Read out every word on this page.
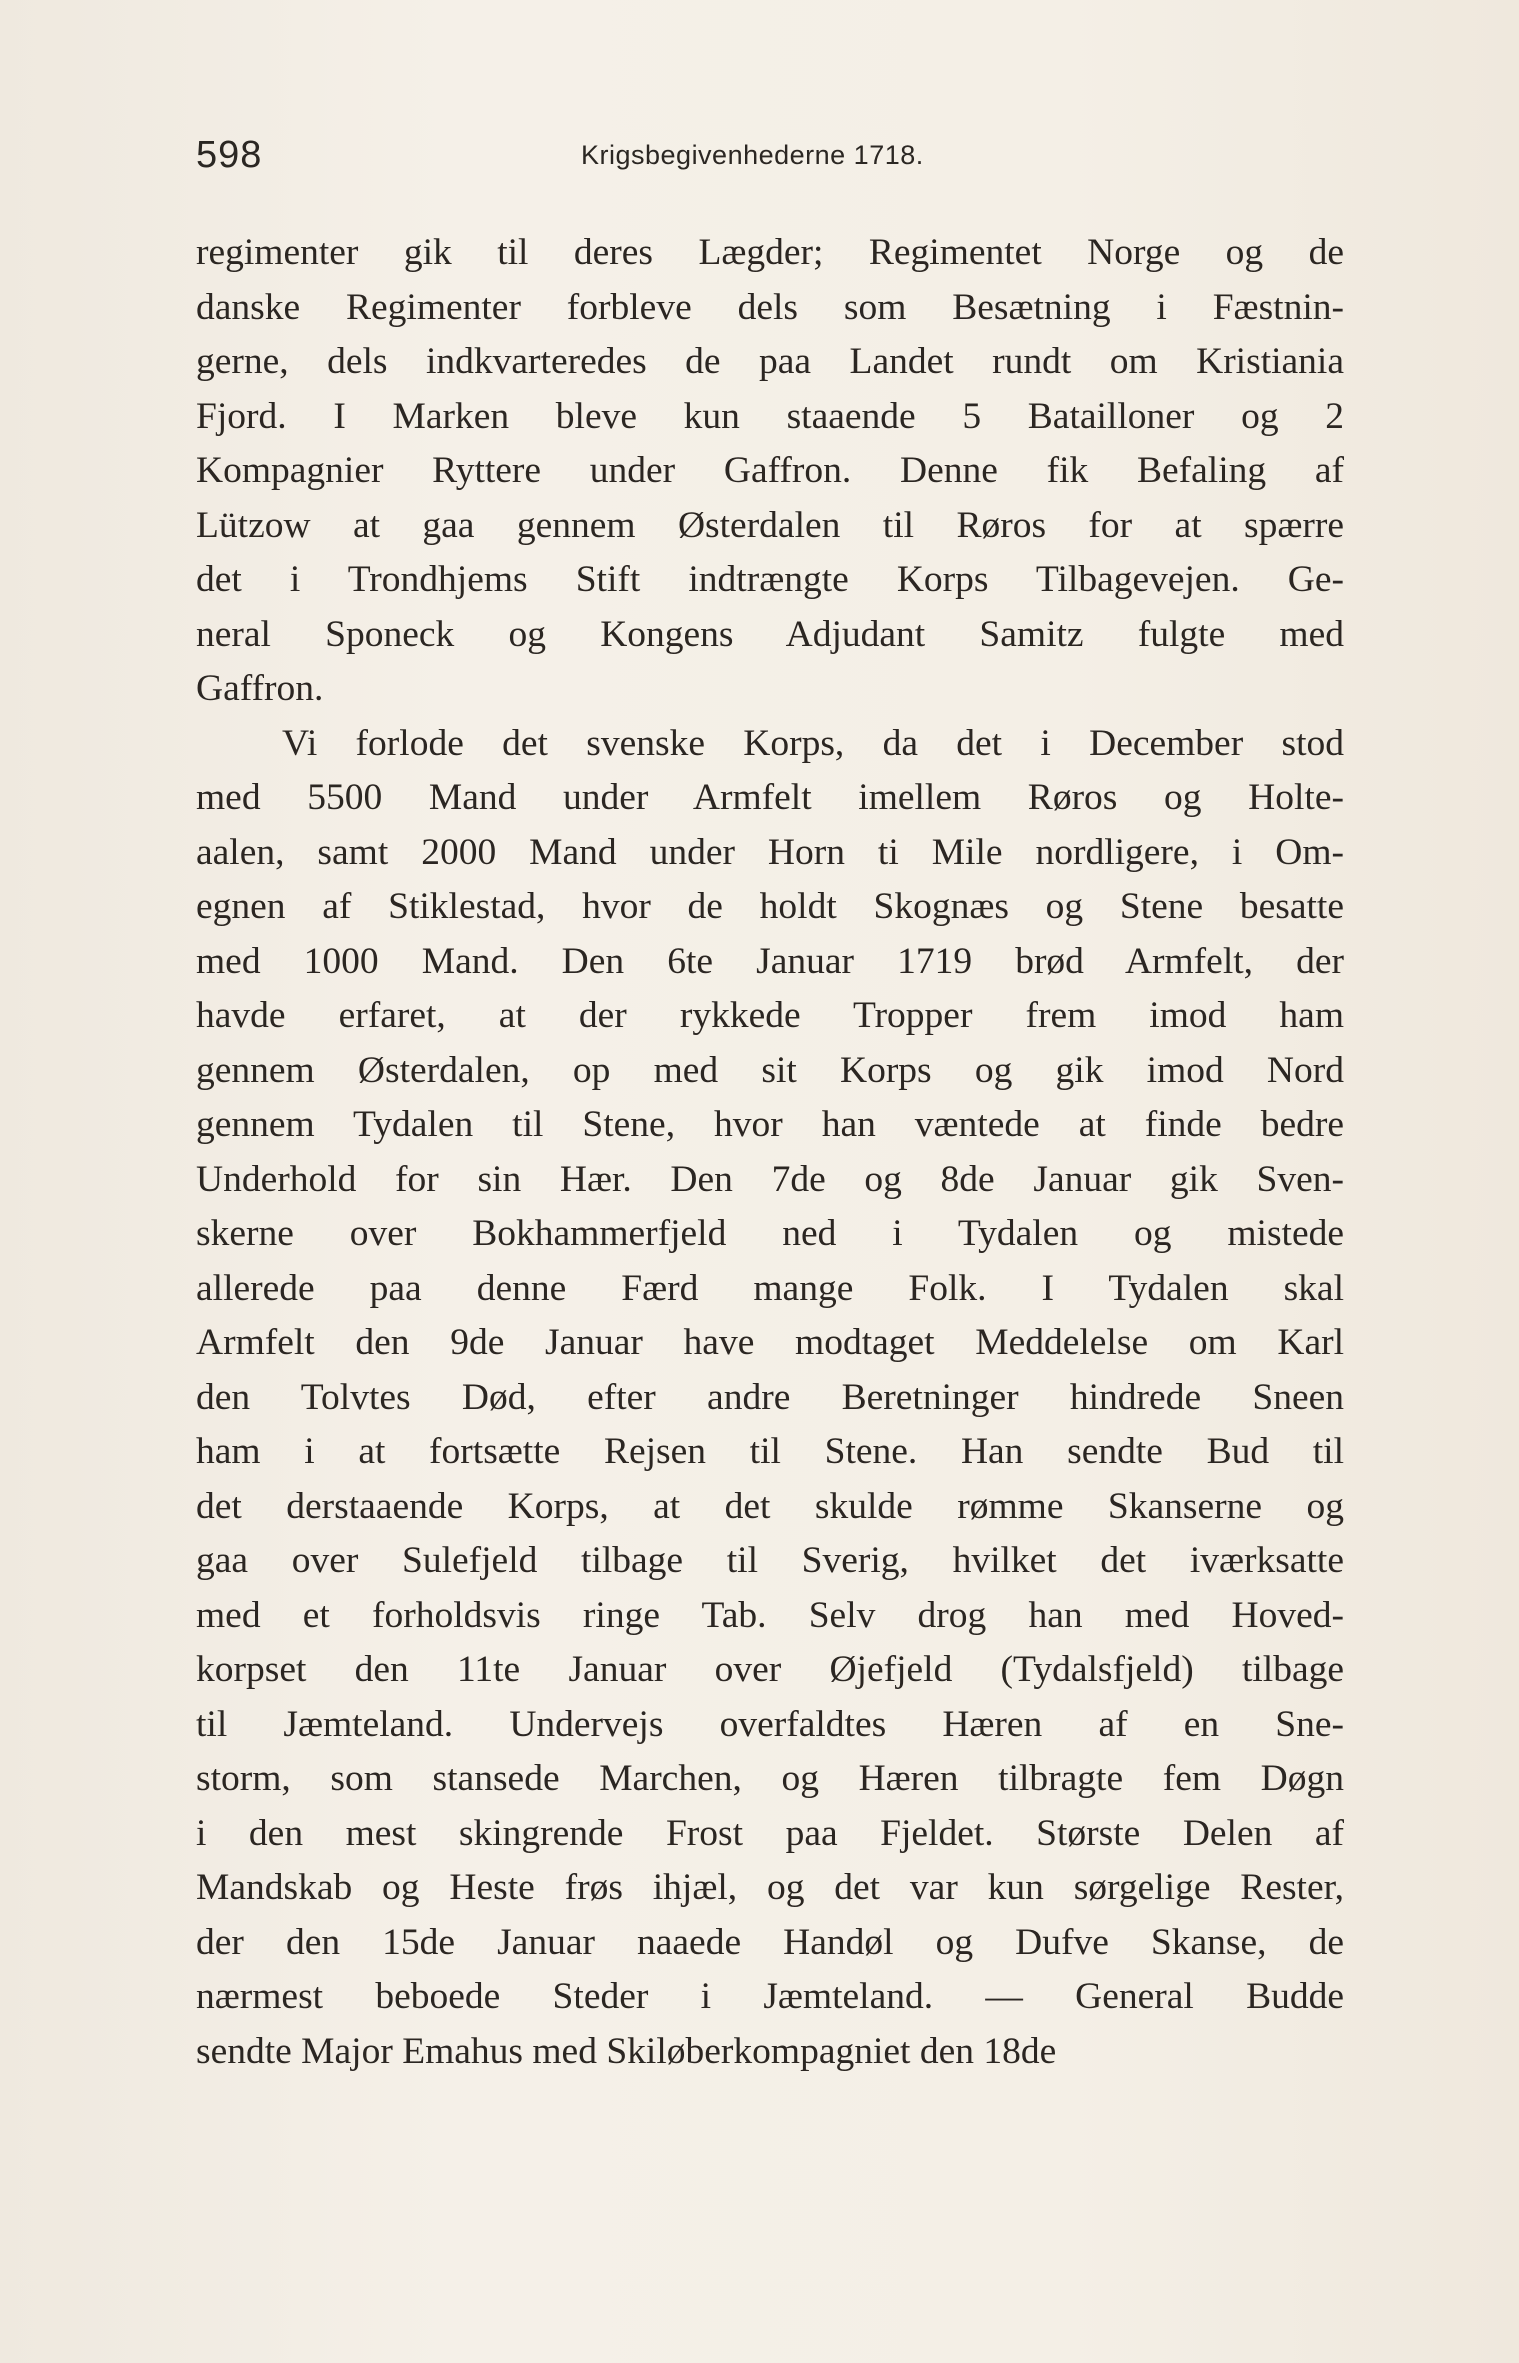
598	Krigsbegivenhederne 1718.
regimenter gik til deres Lægder; Regimentet Norge og de
danske Regimenter forbleve dels som Besætning i Fæstnin-
gerne, dels indkvarteredes de paa Landet rundt om Kristiania
Fjord. I Marken bleve kun staaende 5 Batailloner og 2
Kompagnier Ryttere under Gaffron. Denne fik Befaling af
Lützow at gaa gennem Østerdalen til Røros for at spærre
det i Trondhjems Stift indtrængte Korps Tilbagevejen. Ge-
neral Sponeck og Kongens Adjudant Samitz fulgte med
Gaffron.
Vi forlode det svenske Korps, da det i December stod
med 5500 Mand under Armfelt imellem Røros og Holte-
aalen, samt 2000 Mand under Horn ti Mile nordligere, i Om-
egnen af Stiklestad, hvor de holdt Skognæs og Stene besatte
med 1000 Mand. Den 6te Januar 1719 brød Armfelt, der
havde erfaret, at der rykkede Tropper frem imod ham
gennem Østerdalen, op med sit Korps og gik imod Nord
gennem Tydalen til Stene, hvor han væntede at finde bedre
Underhold for sin Hær. Den 7de og 8de Januar gik Sven-
skerne over Bokhammerfjeld ned i Tydalen og mistede
allerede paa denne Færd mange Folk. I Tydalen skal
Armfelt den 9de Januar have modtaget Meddelelse om Karl
den Tolvtes Død, efter andre Beretninger hindrede Sneen
ham i at fortsætte Rejsen til Stene. Han sendte Bud til
det derstaaende Korps, at det skulde rømme Skanserne og
gaa over Sulefjeld tilbage til Sverig, hvilket det iværksatte
med et forholdsvis ringe Tab. Selv drog han med Hoved-
korpset den 11te Januar over Øjefjeld (Tydalsfjeld) tilbage
til Jæmteland. Undervejs overfaldtes Hæren af en Sne-
storm, som stansede Marchen, og Hæren tilbragte fem Døgn
i den mest skingrende Frost paa Fjeldet. Største Delen af
Mandskab og Heste frøs ihjæl, og det var kun sørgelige Rester,
der den 15de Januar naaede Handøl og Dufve Skanse, de
nærmest beboede Steder i Jæmteland. — General Budde
sendte Major Emahus med Skiløberkompagniet den 18de
